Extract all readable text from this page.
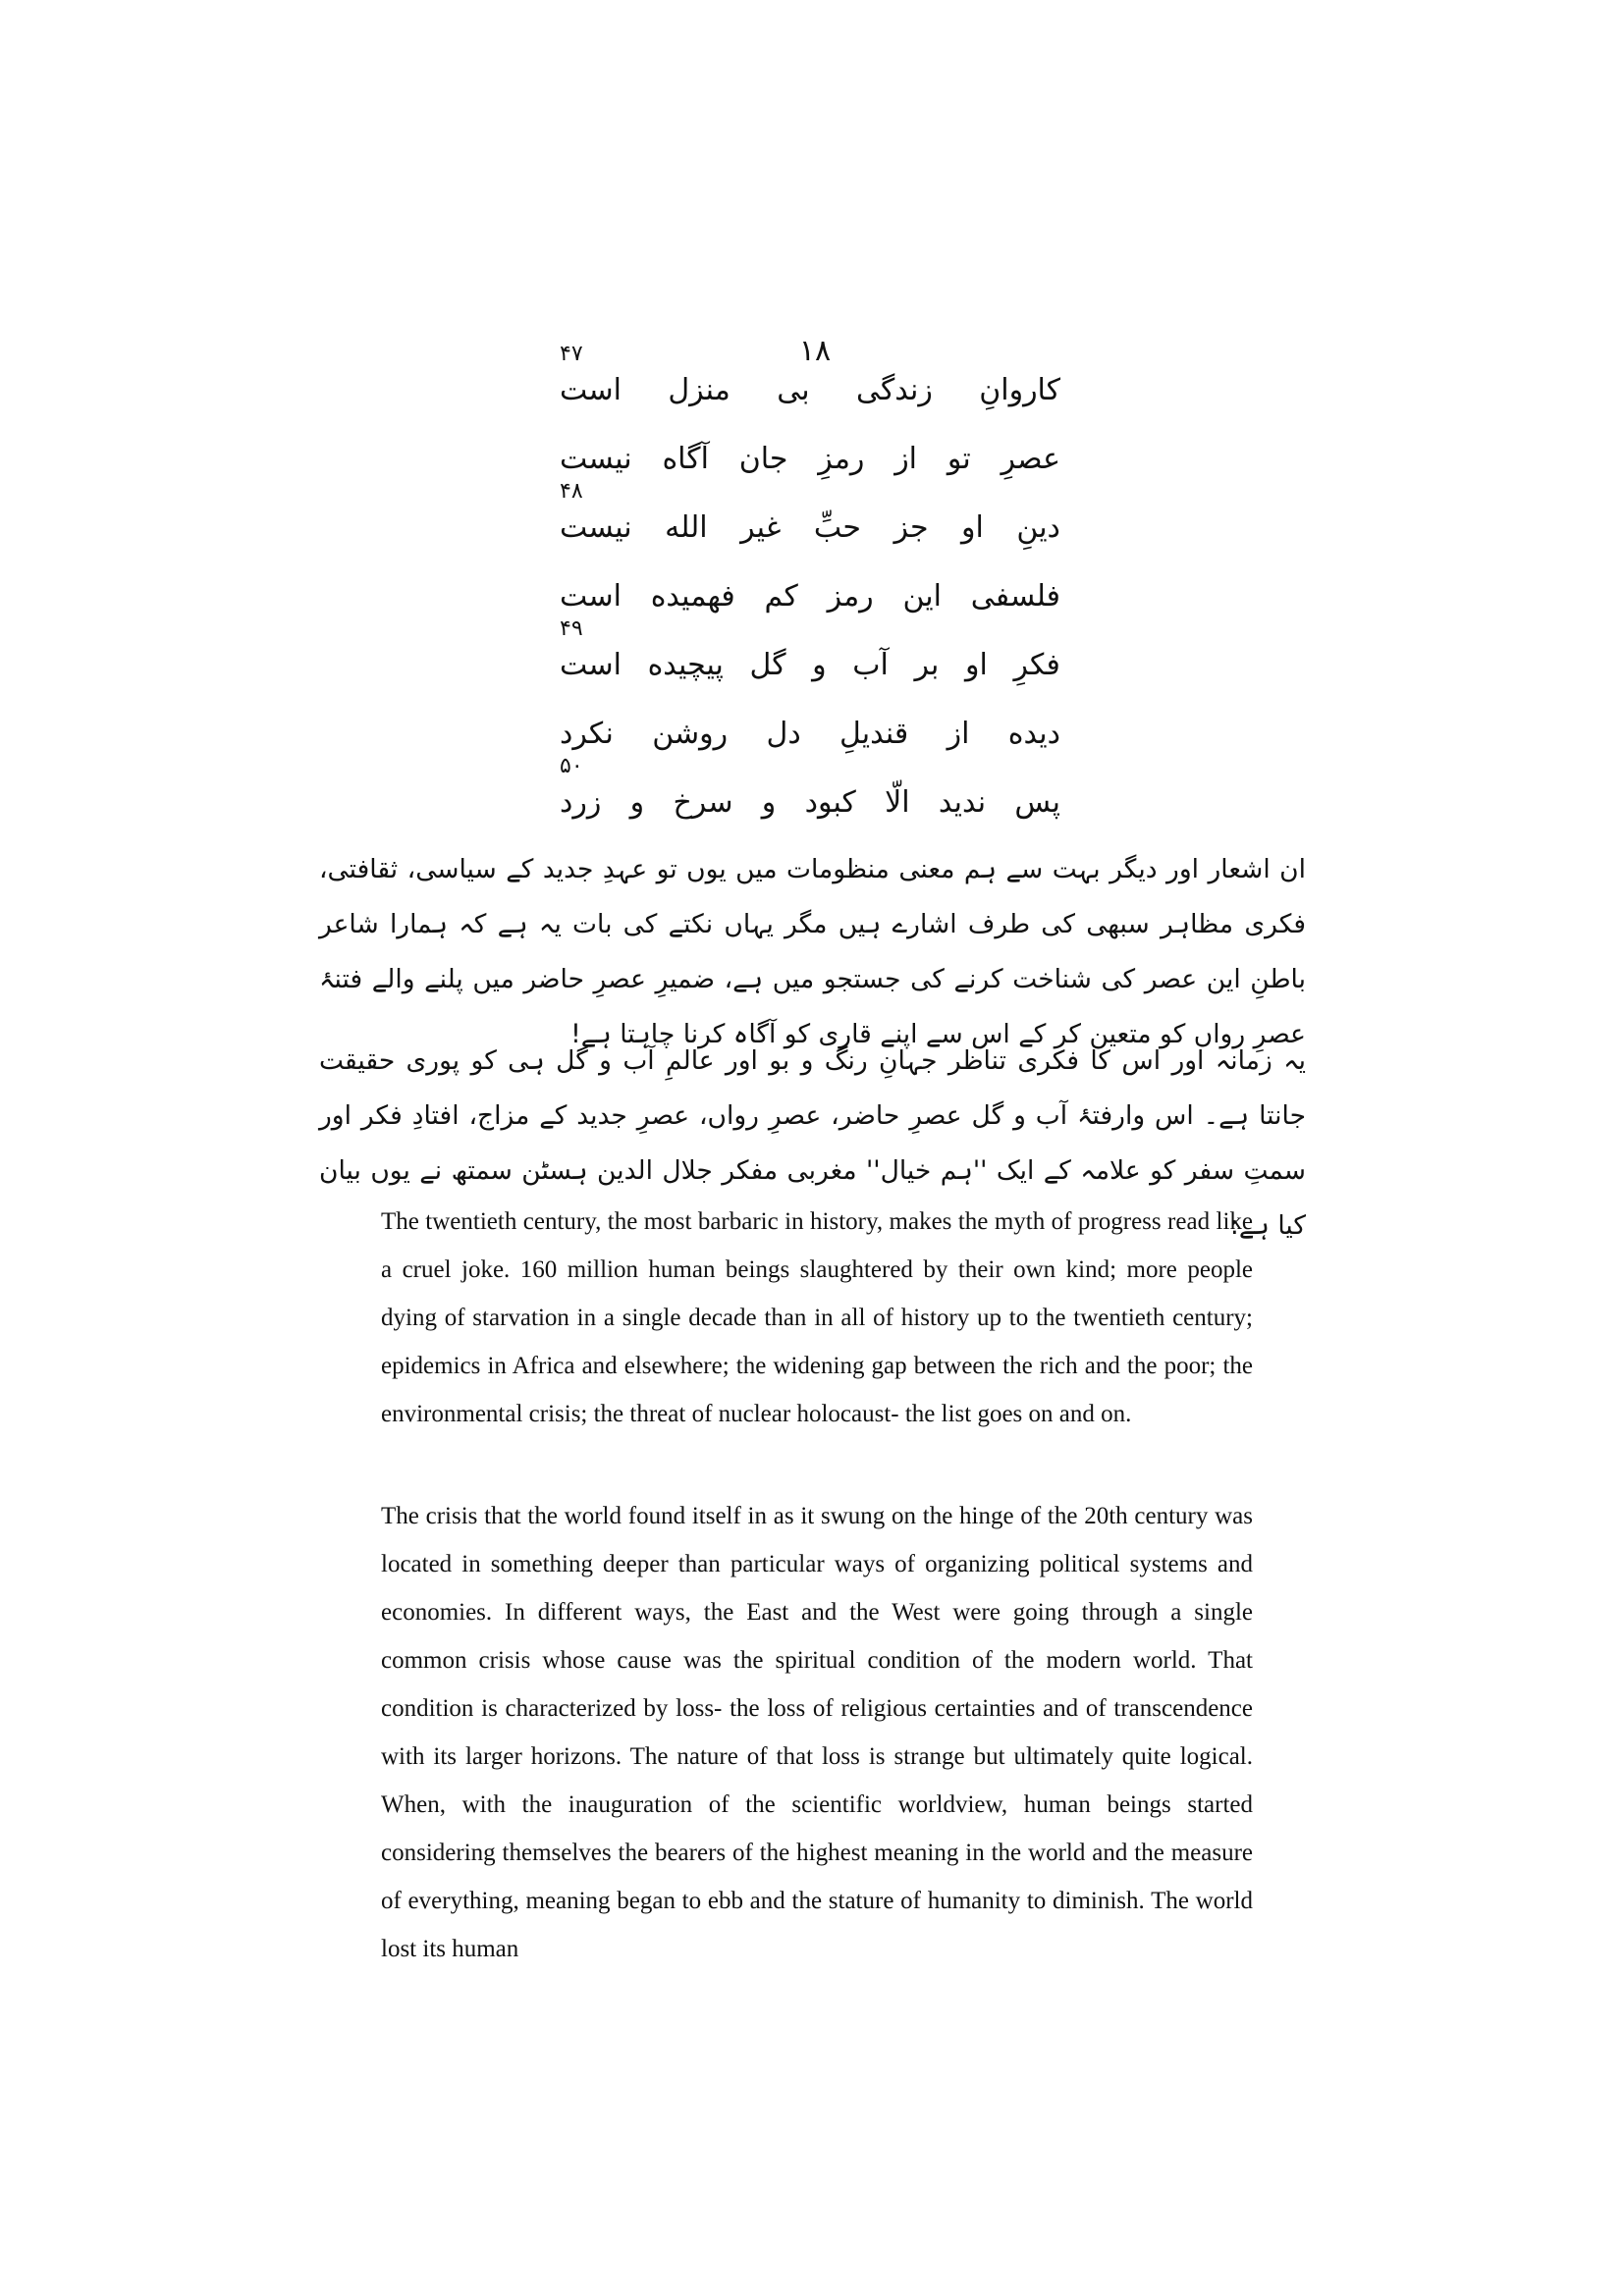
۱۸
کاروانِ
زندگی
بی
منزل
است
۴۷
عصرِ
تو
از
رمزِ
جان
آگاه
نیست
دینِ
او
جز
حبِّ
غیر
الله
نیست
۴۸
فلسفی
این
رمز
کم
فهمیده
است
فکرِ
او
بر
آب
و
گل
پیچیده
است
۴۹
دیده
از
قندیلِ
دل
روشن
نکرد
پس
ندید
الّا
کبود
و
سرخ
و
زرد
۵۰
ان اشعار اور دیگر بہت سے ہم معنی منظومات میں یوں تو عہدِ جدید کے سیاسی، ثقافتی، فکری مظاہر سبھی کی طرف اشارے ہیں مگر یہاں نکتے کی بات یہ ہے کہ ہمارا شاعر باطنِ این عصر کی شناخت کرنے کی جستجو میں ہے، ضمیرِ عصرِ حاضر میں پلنے والے فتنۂ عصرِ رواں کو متعین کر کے اس سے اپنے قاری کو آگاہ کرنا چاہتا ہے!
یہ زمانہ اور اس کا فکری تناظر جہانِ رنگ و بو اور عالمِ آب و گل ہی کو پوری حقیقت جانتا ہے۔ اس وارفتۂ آب و گل عصرِ حاضر، عصرِ رواں، عصرِ جدید کے مزاج، افتادِ فکر اور سمتِ سفر کو علامہ کے ایک ''ہم خیال'' مغربی مفکر جلال الدین ہسٹن سمتھ نے یوں بیان کیا ہے:
The twentieth century, the most barbaric in history, makes the myth of progress read like a cruel joke. 160 million human beings slaughtered by their own kind; more people dying of starvation in a single decade than in all of history up to the twentieth century; epidemics in Africa and elsewhere; the widening gap between the rich and the poor; the environmental crisis; the threat of nuclear holocaust- the list goes on and on.
The crisis that the world found itself in as it swung on the hinge of the 20th century was located in something deeper than particular ways of organizing political systems and economies. In different ways, the East and the West were going through a single common crisis whose cause was the spiritual condition of the modern world. That condition is characterized by loss- the loss of religious certainties and of transcendence with its larger horizons. The nature of that loss is strange but ultimately quite logical. When, with the inauguration of the scientific worldview, human beings started considering themselves the bearers of the highest meaning in the world and the measure of everything, meaning began to ebb and the stature of humanity to diminish. The world lost its human
